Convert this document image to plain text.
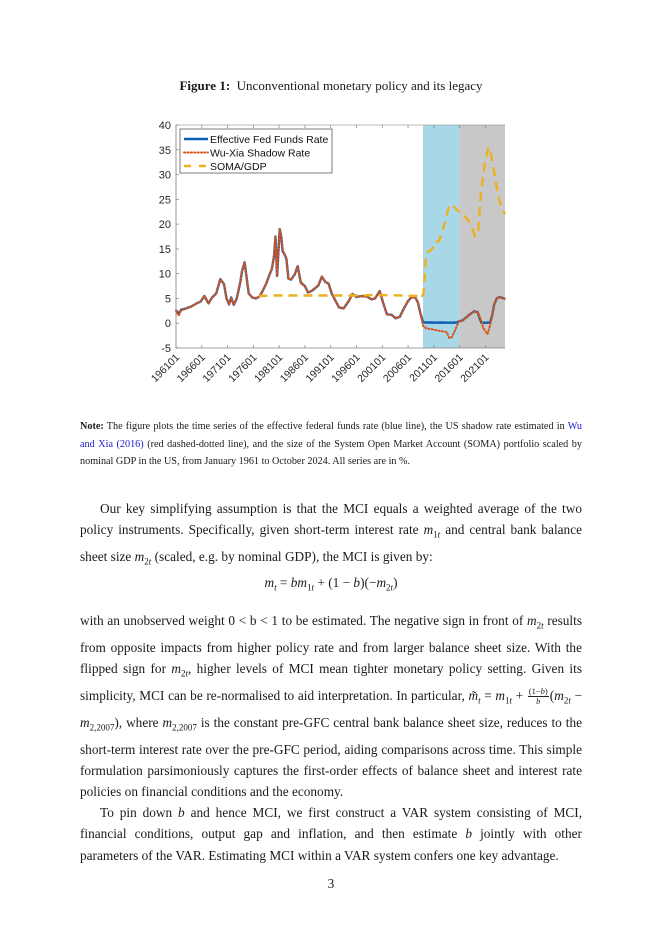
Figure 1: Unconventional monetary policy and its legacy
-5
0
5
10
15
20
25
30
35
40
196101
196601
197101
197601
198101
198601
199101
199601
200101
200601
201101
201601
202101
Effective Fed Funds Rate
Wu-Xia Shadow Rate
SOMA/GDP
Note: The figure plots the time series of the effective federal funds rate (blue line), the US shadow rate estimated in Wu and Xia (2016) (red dashed-dotted line), and the size of the System Open Market Account (SOMA) portfolio scaled by nominal GDP in the US, from January 1961 to October 2024. All series are in %.

Our key simplifying assumption is that the MCI equals a weighted average of the two policy instruments. Specifically, given short-term interest rate $m_{1t}$ and central bank balance sheet size $m_{2t}$ (scaled, e.g. by nominal GDP), the MCI is given by:

$m_t = bm_{1t} + (1 - b)(-m_{2t})$

with an unobserved weight 0 < b < 1 to be estimated. The negative sign in front of $m_{2t}$ results from opposite impacts from higher policy rate and from larger balance sheet size. With the flipped sign for $m_{2t}$, higher levels of MCI mean tighter monetary policy setting. Given its simplicity, MCI can be re-normalised to aid interpretation. In particular, $m̃_t = m_{1t} + \frac{(1-b)}{b} (m_{2t} - m_{2,2007})$, where $m_{2,2007}$ is the constant pre-GFC central bank balance sheet size, reduces to the short-term interest rate over the pre-GFC period, aiding comparisons across time. This simple formulation parsimoniously captures the first-order effects of balance sheet and interest rate policies on financial conditions and the economy.

To pin down b and hence MCI, we first construct a VAR system consisting of MCI, financial conditions, output gap and inflation, and then estimate b jointly with other parameters of the VAR. Estimating MCI within a VAR system confers one key advantage.

3
